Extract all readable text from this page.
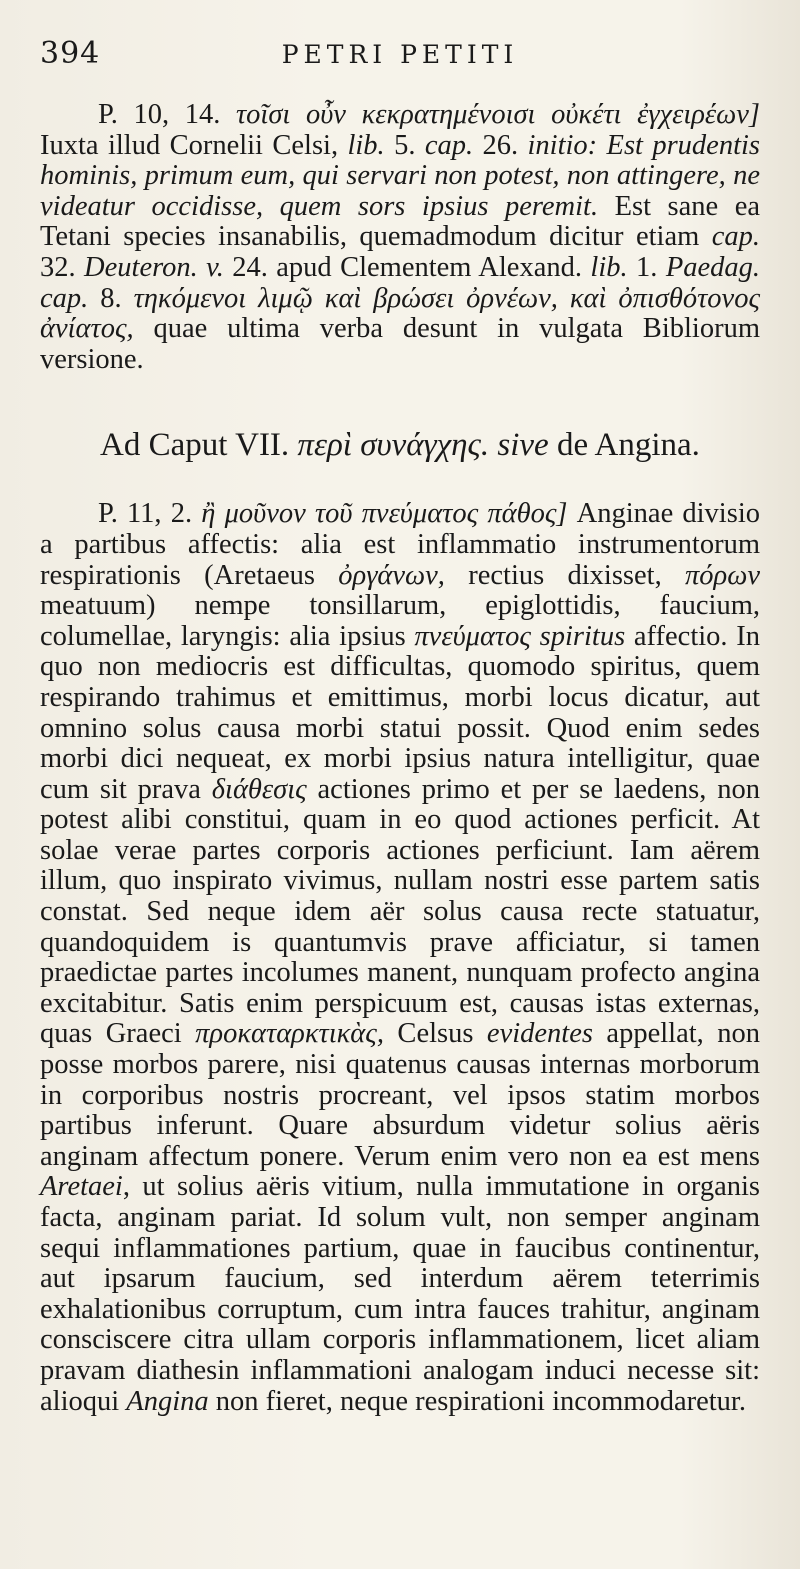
394	PETRI PETITI

P. 10, 14. τοῖσι οὖν κεκρατημένοισι οὐκέτι ἐγχειρέων] Iuxta illud Cornelii Celsi, lib. 5. cap. 26. initio: Est prudentis hominis, primum eum, qui servari non potest, non attingere, ne videatur occidisse, quem sors ipsius peremit. Est sane ea Tetani species insanabilis, quemadmodum dicitur etiam cap. 32. Deuteron. v. 24. apud Clementem Alexand. lib. 1. Paedag. cap. 8. τηκόμενοι λιμῷ καὶ βρώσει ὀρνέων, καὶ ὀπισθότονος ἀνίατος, quae ultima verba desunt in vulgata Bibliorum versione.

Ad Caput VII. περὶ συνάγχης. sive de Angina.

P. 11, 2. ἢ μοῦνον τοῦ πνεύματος πάθος] Anginae divisio a partibus affectis: alia est inflammatio instrumentorum respirationis (Aretaeus ὀργάνων, rectius dixisset, πόρων meatuum) nempe tonsillarum, epiglottidis, faucium, columellae, laryngis: alia ipsius πνεύματος spiritus affectio. In quo non mediocris est difficultas, quomodo spiritus, quem respirando trahimus et emittimus, morbi locus dicatur, aut omnino solus causa morbi statui possit. Quod enim sedes morbi dici nequeat, ex morbi ipsius natura intelligitur, quae cum sit prava διάθεσις actiones primo et per se laedens, non potest alibi constitui, quam in eo quod actiones perficit. At solae verae partes corporis actiones perficiunt. Iam aërem illum, quo inspirato vivimus, nullam nostri esse partem satis constat. Sed neque idem aër solus causa recte statuatur, quandoquidem is quantumvis prave afficiatur, si tamen praedictae partes incolumes manent, nunquam profecto angina excitabitur. Satis enim perspicuum est, causas istas externas, quas Graeci προκαταρκτικὰς, Celsus evidentes appellat, non posse morbos parere, nisi quatenus causas internas morborum in corporibus nostris procreant, vel ipsos statim morbos partibus inferunt. Quare absurdum videtur solius aëris anginam affectum ponere. Verum enim vero non ea est mens Aretaei, ut solius aëris vitium, nulla immutatione in organis facta, anginam pariat. Id solum vult, non semper anginam sequi inflammationes partium, quae in faucibus continentur, aut ipsarum faucium, sed interdum aërem teterrimis exhalationibus corruptum, cum intra fauces trahitur, anginam consciscere citra ullam corporis inflammationem, licet aliam pravam diathesin inflammationi analogam induci necesse sit: alioqui Angina non fieret, neque respirationi incommodaretur.
